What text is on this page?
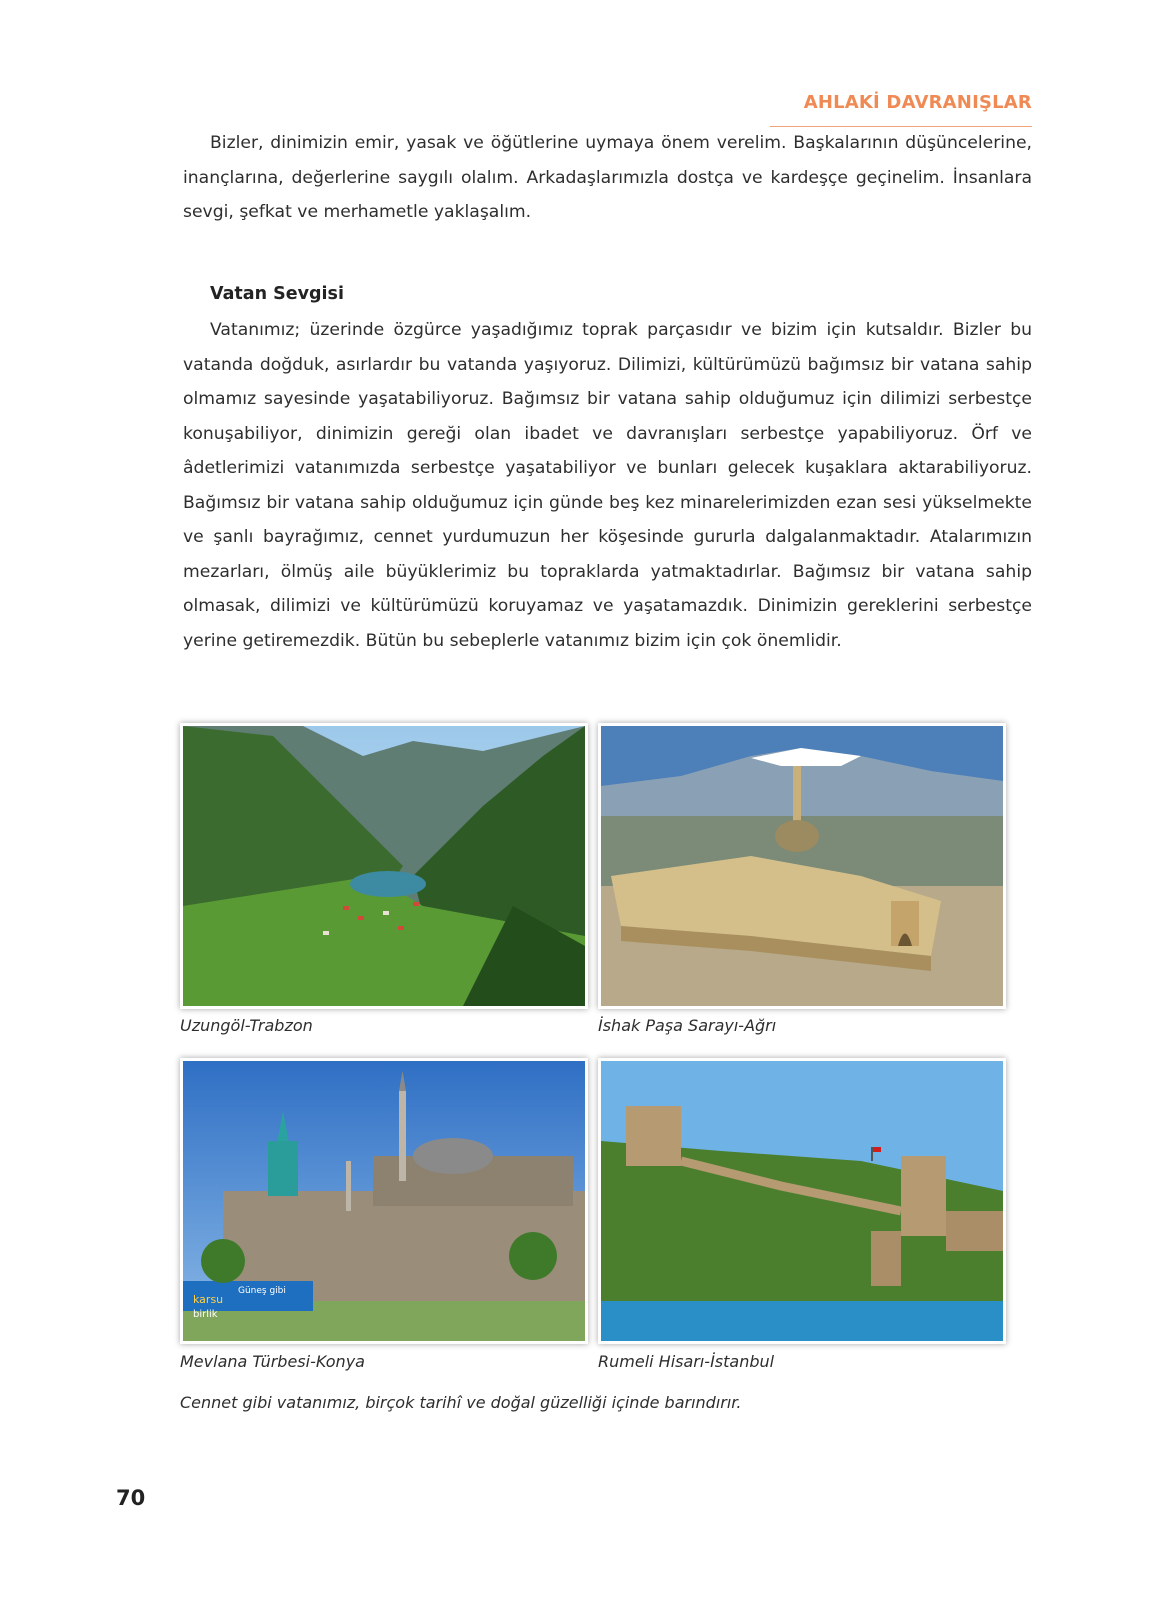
AHLAKİ DAVRANIŞLAR

Bizler, dinimizin emir, yasak ve öğütlerine uymaya önem verelim. Başkalarının düşüncelerine, inançlarına, değerlerine saygılı olalım. Arkadaşlarımızla dostça ve kardeşçe geçinelim. İnsanlara sevgi, şefkat ve merhametle yaklaşalım.

Vatan Sevgisi

Vatanımız; üzerinde özgürce yaşadığımız toprak parçasıdır ve bizim için kutsaldır. Bizler bu vatanda doğduk, asırlardır bu vatanda yaşıyoruz. Dilimizi, kültürümüzü bağımsız bir vatana sahip olmamız sayesinde yaşatabiliyoruz. Bağımsız bir vatana sahip olduğumuz için dilimizi serbestçe konuşabiliyor, dinimizin gereği olan ibadet ve davranışları serbestçe yapabiliyoruz. Örf ve âdetlerimizi vatanımızda serbestçe yaşatabiliyor ve bunları gelecek kuşaklara aktarabiliyoruz. Bağımsız bir vatana sahip olduğumuz için günde beş kez minarelerimizden ezan sesi yükselmekte ve şanlı bayrağımız, cennet yurdumuzun her köşesinde gururla dalgalanmaktadır. Atalarımızın mezarları, ölmüş aile büyüklerimiz bu topraklarda yatmaktadırlar. Bağımsız bir vatana sahip olmasak, dilimizi ve kültürümüzü koruyamaz ve yaşatamazdık. Dinimizin gereklerini serbestçe yerine getiremezdik. Bütün bu sebeplerle vatanımız bizim için çok önemlidir.

Uzungöl-Trabzon	İshak Paşa Sarayı-Ağrı
karsu
Güneş gibi
birlik
Mevlana Türbesi-Konya	Rumeli Hisarı-İstanbul
Cennet gibi vatanımız, birçok tarihî ve doğal güzelliği içinde barındırır.
70
